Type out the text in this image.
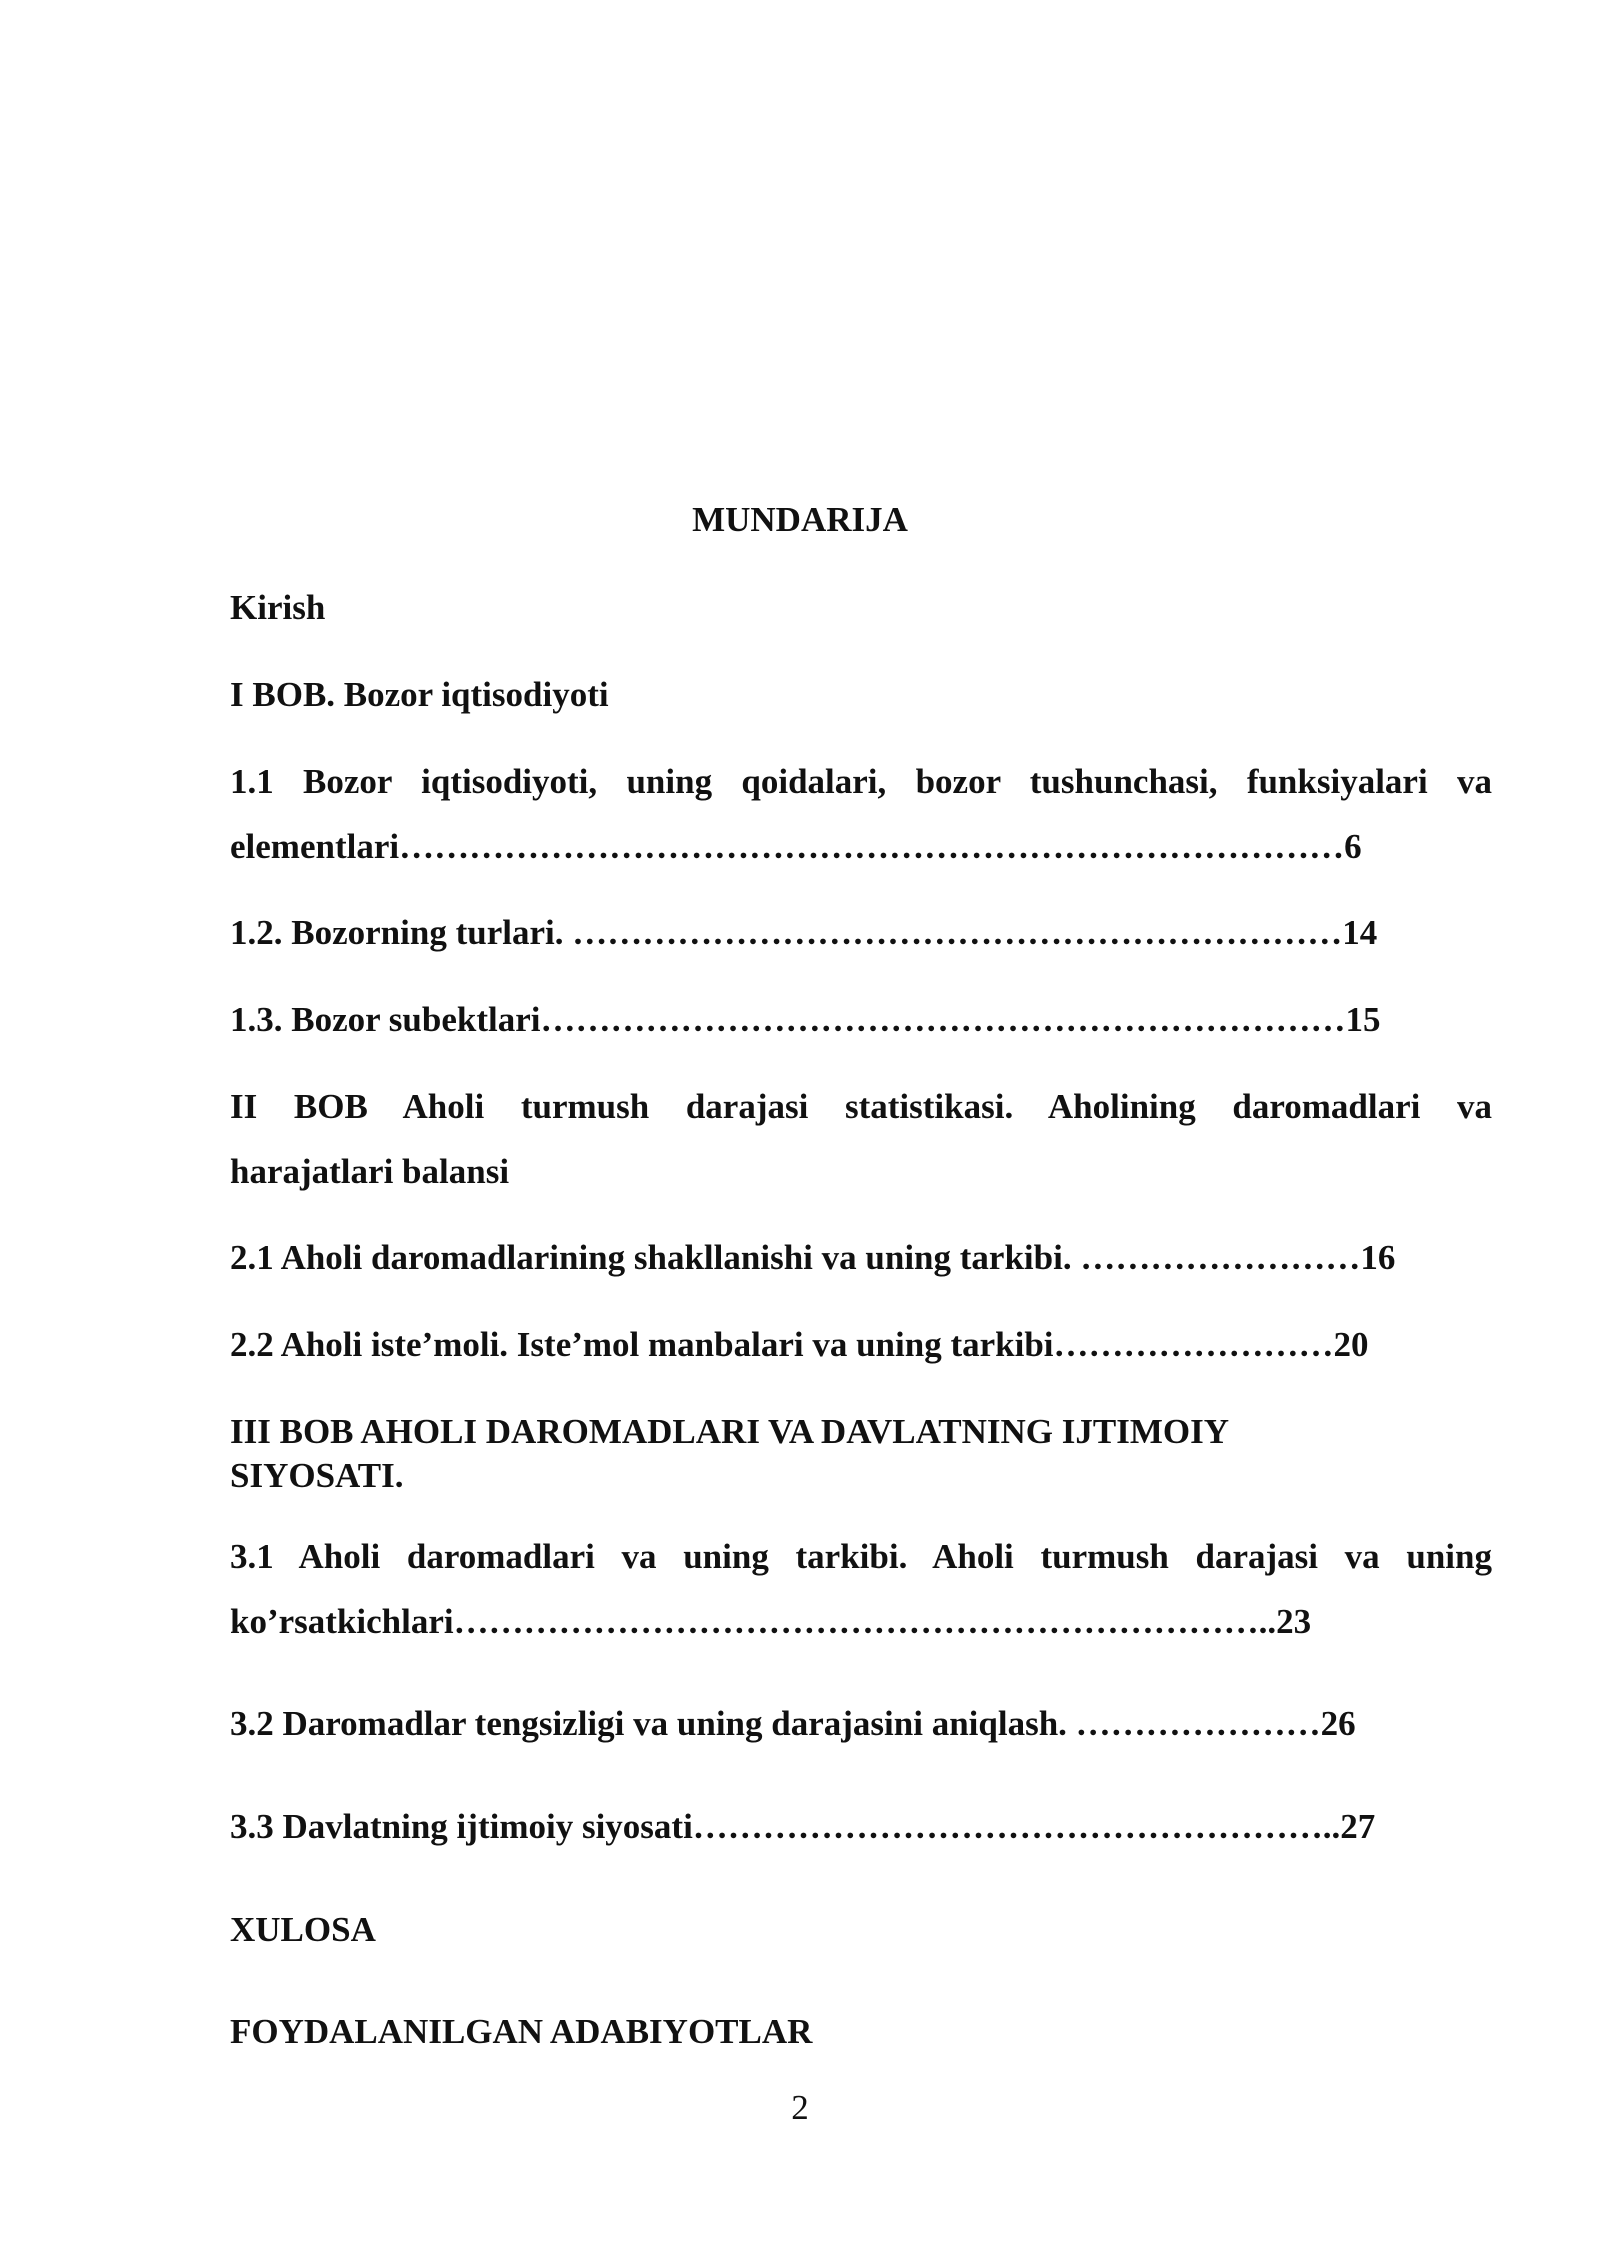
MUNDARIJA
Kirish
I BOB. Bozor iqtisodiyoti
1.1 Bozor iqtisodiyoti, uning qoidalari, bozor tushunchasi, funksiyalari va
elementlari………………………………………………………………………6
1.2. Bozorning turlari. …………………………………………………………14
1.3. Bozor subektlari……………………………………………………………15
II BOB Aholi turmush darajasi statistikasi. Aholining daromadlari va
harajatlari balansi
2.1 Aholi daromadlarining shakllanishi va uning tarkibi. ……………………16
2.2 Aholi iste’moli. Iste’mol manbalari va uning tarkibi……………………20
III BOB AHOLI DAROMADLARI VA DAVLATNING IJTIMOIY
SIYOSATI.
3.1 Aholi daromadlari va uning tarkibi. Aholi turmush darajasi va uning
ko’rsatkichlari……………………………………………………………..23
3.2 Daromadlar tengsizligi va uning darajasini aniqlash. …………………26
3.3 Davlatning ijtimoiy siyosati………………………………………………..27
XULOSA
FOYDALANILGAN ADABIYOTLAR
2
